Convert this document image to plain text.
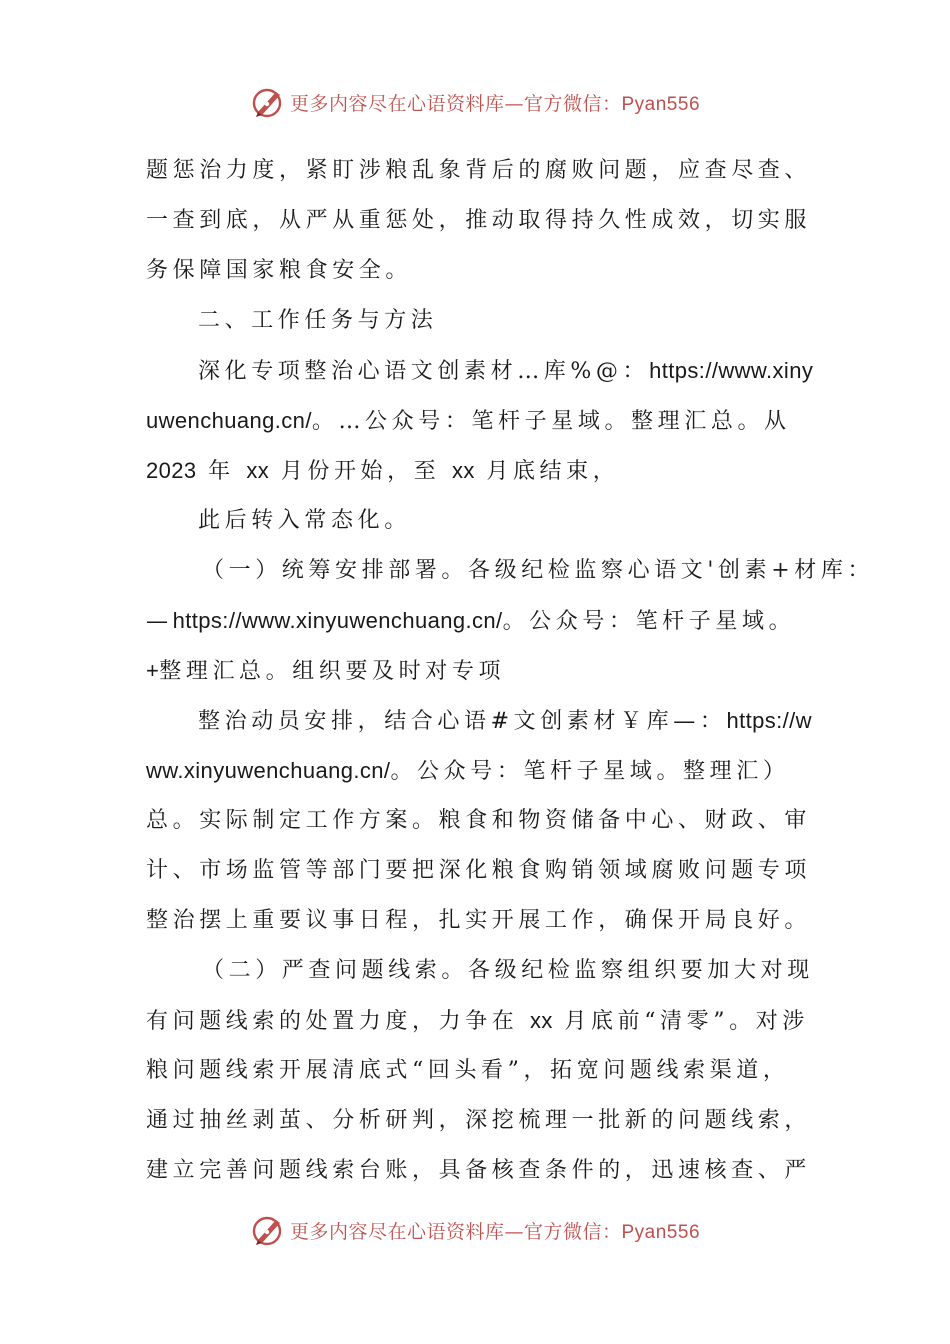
更多内容尽在心语资料库—官方微信：Pyan556
题惩治力度，紧盯涉粮乱象背后的腐败问题，应查尽查、
一查到底，从严从重惩处，推动取得持久性成效，切实服
务保障国家粮食安全。
二、工作任务与方法
深化专项整治心语文创素材…库%@：https://www.xiny
uwenchuang.cn/。…公众号：笔杆子星域。整理汇总。从
2023 年 xx 月份开始，至 xx 月底结束，
此后转入常态化。
（一）统筹安排部署。各级纪检监察心语文'创素+材库：
—https://www.xinyuwenchuang.cn/。公众号：笔杆子星域。
+整理汇总。组织要及时对专项
整治动员安排，结合心语#文创素材￥库—：https://w
ww.xinyuwenchuang.cn/。公众号：笔杆子星域。整理汇）
总。实际制定工作方案。粮食和物资储备中心、财政、审
计、市场监管等部门要把深化粮食购销领域腐败问题专项
整治摆上重要议事日程，扎实开展工作，确保开局良好。
（二）严查问题线索。各级纪检监察组织要加大对现
有问题线索的处置力度，力争在 xx 月底前“清零”。对涉
粮问题线索开展清底式“回头看”，拓宽问题线索渠道，
通过抽丝剥茧、分析研判，深挖梳理一批新的问题线索，
建立完善问题线索台账，具备核查条件的，迅速核查、严
更多内容尽在心语资料库—官方微信：Pyan556
